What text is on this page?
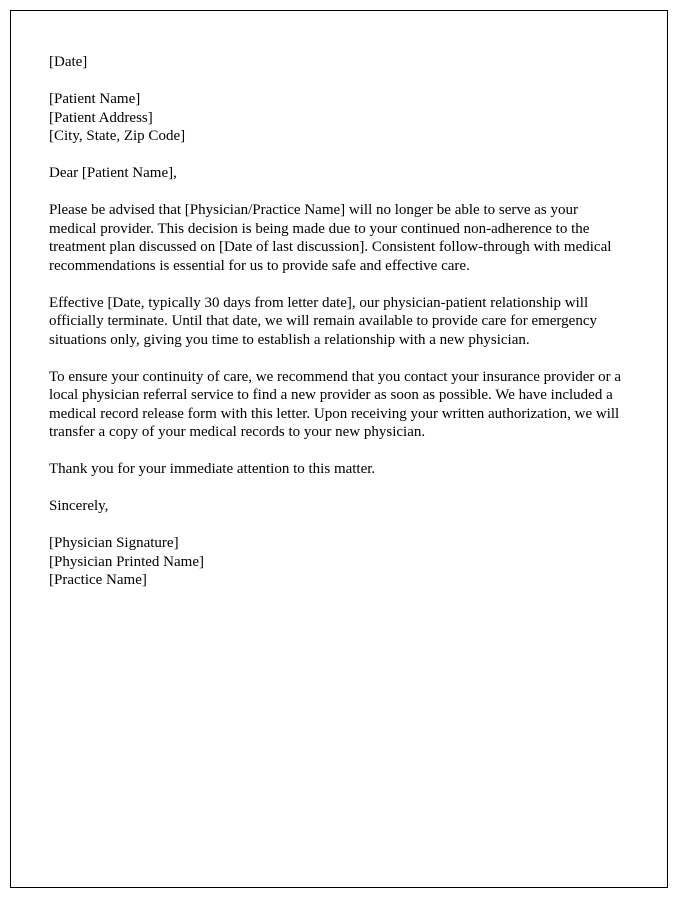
[Date]
[Patient Name]
[Patient Address]
[City, State, Zip Code]
Dear [Patient Name],

Please be advised that [Physician/Practice Name] will no longer be able to serve as your medical provider. This decision is being made due to your continued non-adherence to the treatment plan discussed on [Date of last discussion]. Consistent follow-through with medical recommendations is essential for us to provide safe and effective care.

Effective [Date, typically 30 days from letter date], our physician-patient relationship will officially terminate. Until that date, we will remain available to provide care for emergency situations only, giving you time to establish a relationship with a new physician.

To ensure your continuity of care, we recommend that you contact your insurance provider or a local physician referral service to find a new provider as soon as possible. We have included a medical record release form with this letter. Upon receiving your written authorization, we will transfer a copy of your medical records to your new physician.

Thank you for your immediate attention to this matter.

Sincerely,
[Physician Signature]
[Physician Printed Name]
[Practice Name]
